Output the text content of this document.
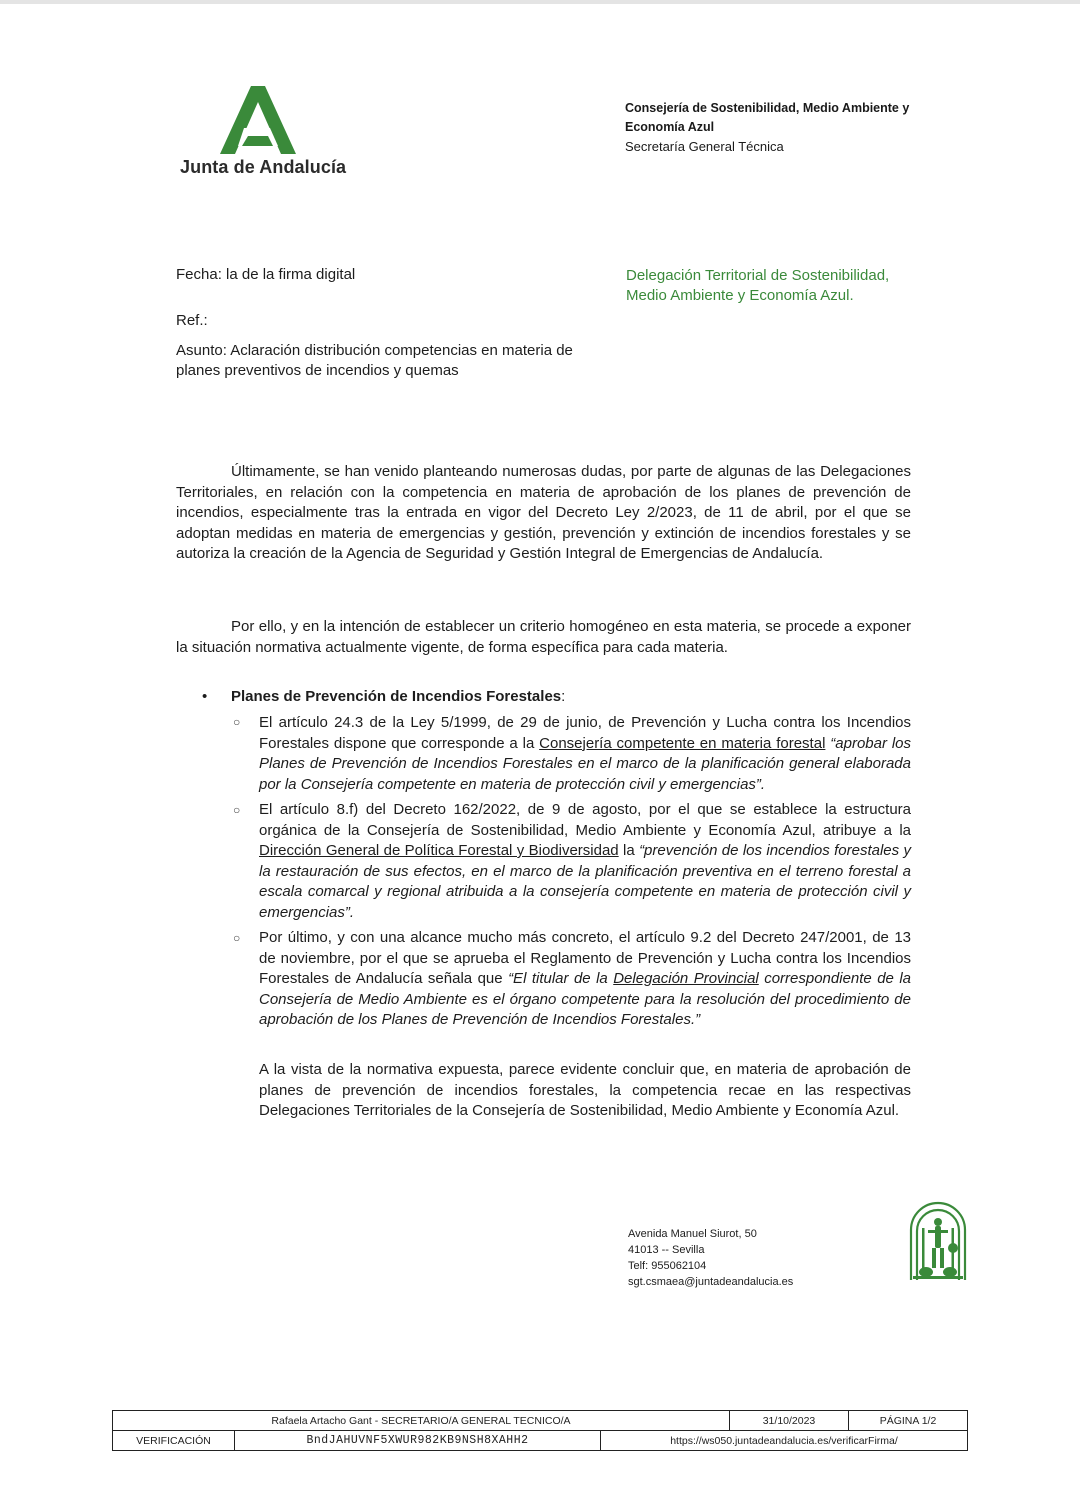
Junta de Andalucía
Consejería de Sostenibilidad, Medio Ambiente y Economía Azul
Secretaría General Técnica
Fecha: la de la firma digital	Delegación Territorial de Sostenibilidad, Medio Ambiente y Economía Azul.
Ref.:
Asunto: Aclaración distribución competencias en materia de planes preventivos de incendios y quemas
Últimamente, se han venido planteando numerosas dudas, por parte de algunas de las Delegaciones Territoriales, en relación con la competencia en materia de aprobación de los planes de prevención de incendios, especialmente tras la entrada en vigor del Decreto Ley 2/2023, de 11 de abril, por el que se adoptan medidas en materia de emergencias y gestión, prevención y extinción de incendios forestales y se autoriza la creación de la Agencia de Seguridad y Gestión Integral de Emergencias de Andalucía.
Por ello, y en la intención de establecer un criterio homogéneo en esta materia, se procede a exponer la situación normativa actualmente vigente, de forma específica para cada materia.
• Planes de Prevención de Incendios Forestales:
○ El artículo 24.3 de la Ley 5/1999, de 29 de junio, de Prevención y Lucha contra los Incendios Forestales dispone que corresponde a la Consejería competente en materia forestal “aprobar los Planes de Prevención de Incendios Forestales en el marco de la planificación general elaborada por la Consejería competente en materia de protección civil y emergencias”.
○ El artículo 8.f) del Decreto 162/2022, de 9 de agosto, por el que se establece la estructura orgánica de la Consejería de Sostenibilidad, Medio Ambiente y Economía Azul, atribuye a la Dirección General de Política Forestal y Biodiversidad la “prevención de los incendios forestales y la restauración de sus efectos, en el marco de la planificación preventiva en el terreno forestal a escala comarcal y regional atribuida a la consejería competente en materia de protección civil y emergencias”.
○ Por último, y con una alcance mucho más concreto, el artículo 9.2 del Decreto 247/2001, de 13 de noviembre, por el que se aprueba el Reglamento de Prevención y Lucha contra los Incendios Forestales de Andalucía señala que “El titular de la Delegación Provincial correspondiente de la Consejería de Medio Ambiente es el órgano competente para la resolución del procedimiento de aprobación de los Planes de Prevención de Incendios Forestales.”
A la vista de la normativa expuesta, parece evidente concluir que, en materia de aprobación de planes de prevención de incendios forestales, la competencia recae en las respectivas Delegaciones Territoriales de la Consejería de Sostenibilidad, Medio Ambiente y Economía Azul.
Avenida Manuel Siurot, 50
41013 -- Sevilla
Telf: 955062104
sgt.csmaea@juntadeandalucia.es
Rafaela Artacho Gant - SECRETARIO/A GENERAL TECNICO/A			31/10/2023	PÁGINA 1/2
VERIFICACIÓN	BndJAHUVNF5XWUR982KB9NSH8XAHH2	https://ws050.juntadeandalucia.es/verificarFirma/		
